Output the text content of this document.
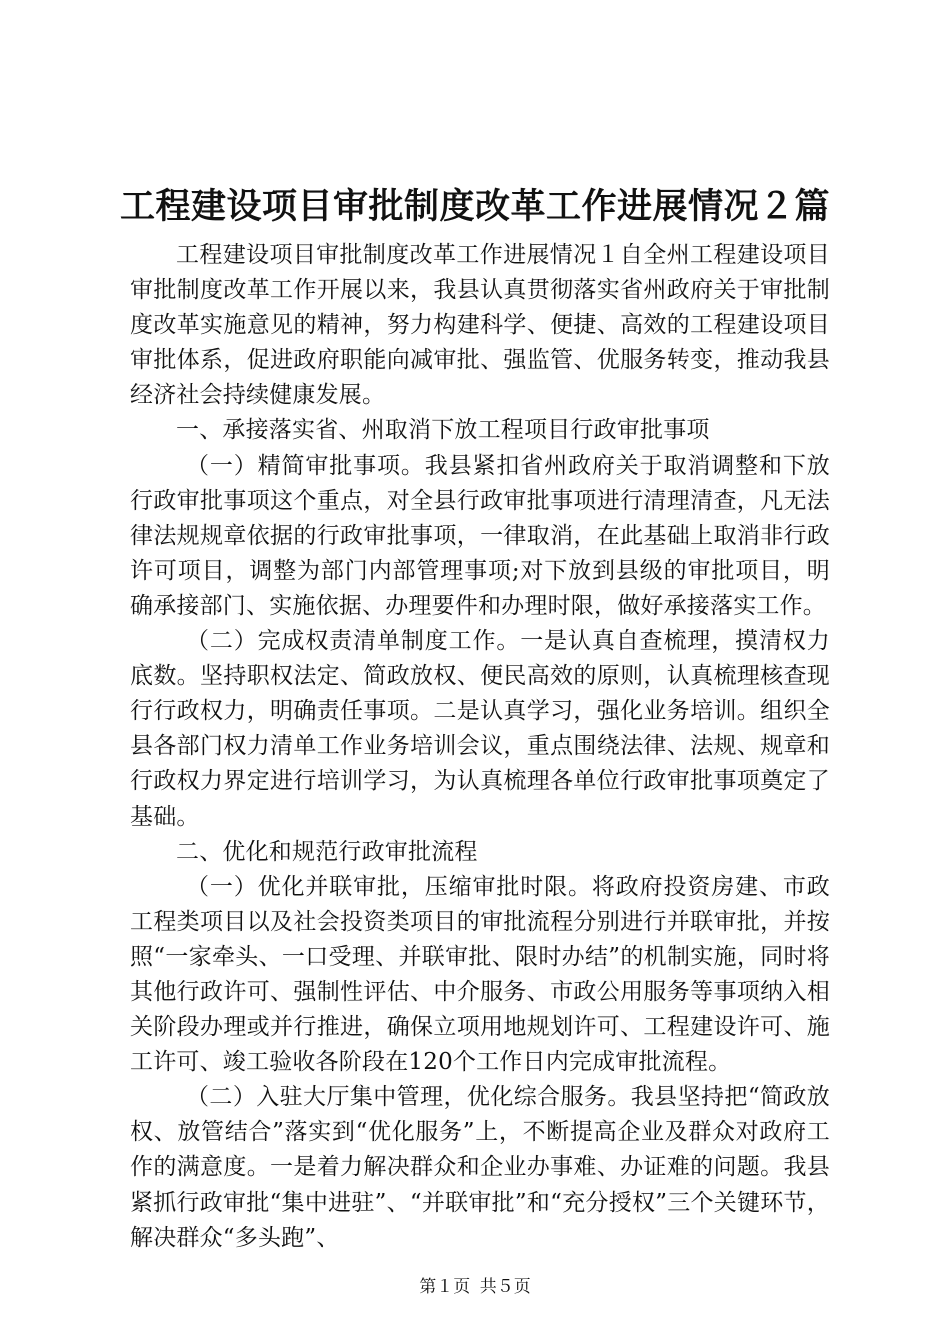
工程建设项目审批制度改革工作进展情况２篇

工程建设项目审批制度改革工作进展情况１自全州工程建设项目审批制度改革工作开展以来，我县认真贯彻落实省州政府关于审批制度改革实施意见的精神，努力构建科学、便捷、高效的工程建设项目审批体系，促进政府职能向减审批、强监管、优服务转变，推动我县经济社会持续健康发展。

一、承接落实省、州取消下放工程项目行政审批事项

（一）精简审批事项。我县紧扣省州政府关于取消调整和下放行政审批事项这个重点，对全县行政审批事项进行清理清查，凡无法律法规规章依据的行政审批事项，一律取消，在此基础上取消非行政许可项目，调整为部门内部管理事项;对下放到县级的审批项目，明确承接部门、实施依据、办理要件和办理时限，做好承接落实工作。

（二）完成权责清单制度工作。一是认真自查梳理，摸清权力底数。坚持职权法定、简政放权、便民高效的原则，认真梳理核查现行行政权力，明确责任事项。二是认真学习，强化业务培训。组织全县各部门权力清单工作业务培训会议，重点围绕法律、法规、规章和行政权力界定进行培训学习，为认真梳理各单位行政审批事项奠定了基础。

二、优化和规范行政审批流程

（一）优化并联审批，压缩审批时限。将政府投资房建、市政工程类项目以及社会投资类项目的审批流程分别进行并联审批，并按照“一家牵头、一口受理、并联审批、限时办结”的机制实施，同时将其他行政许可、强制性评估、中介服务、市政公用服务等事项纳入相关阶段办理或并行推进，确保立项用地规划许可、工程建设许可、施工许可、竣工验收各阶段在120个工作日内完成审批流程。

（二）入驻大厅集中管理，优化综合服务。我县坚持把“简政放权、放管结合”落实到“优化服务”上，不断提高企业及群众对政府工作的满意度。一是着力解决群众和企业办事难、办证难的问题。我县紧抓行政审批“集中进驻”、“并联审批”和“充分授权”三个关键环节，解决群众“多头跑”、

第１页 共５页
